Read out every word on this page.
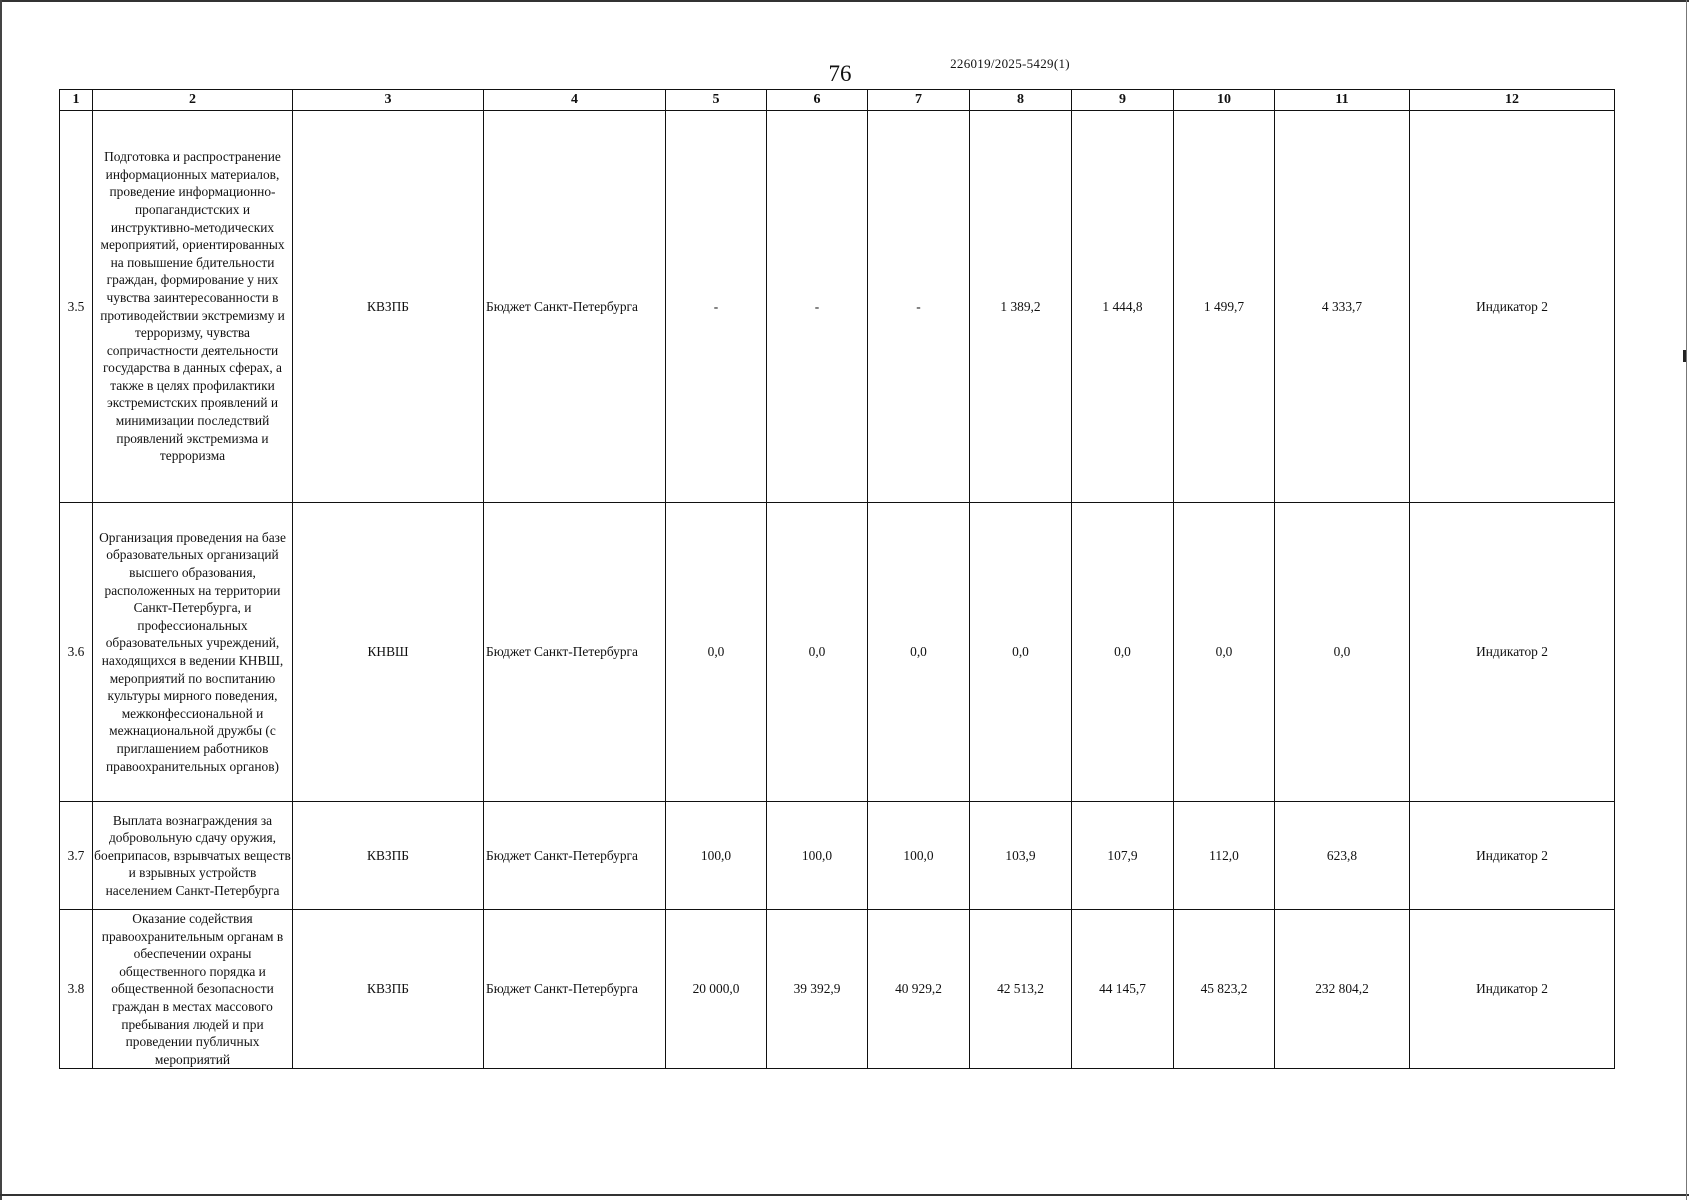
76	226019/2025-5429(1)
1	2	3	4	5	6	7	8	9	10	11	12
3.5	Подготовка и распространение информационных материалов, проведение информационно-пропагандистских и инструктивно-методических мероприятий, ориентированных на повышение бдительности граждан, формирование у них чувства заинтересованности в противодействии экстремизму и терроризму, чувства сопричастности деятельности государства в данных сферах, а также в целях профилактики экстремистских проявлений и минимизации последствий проявлений экстремизма и терроризма	КВЗПБ	Бюджет Санкт-Петербурга	-	-	-	1 389,2	1 444,8	1 499,7	4 333,7	Индикатор 2
3.6	Организация проведения на базе образовательных организаций высшего образования, расположенных на территории Санкт-Петербурга, и профессиональных образовательных учреждений, находящихся в ведении КНВШ, мероприятий по воспитанию культуры мирного поведения, межконфессиональной и межнациональной дружбы (с приглашением работников правоохранительных органов)	КНВШ	Бюджет Санкт-Петербурга	0,0	0,0	0,0	0,0	0,0	0,0	0,0	Индикатор 2
3.7	Выплата вознаграждения за добровольную сдачу оружия, боеприпасов, взрывчатых веществ и взрывных устройств населением Санкт-Петербурга	КВЗПБ	Бюджет Санкт-Петербурга	100,0	100,0	100,0	103,9	107,9	112,0	623,8	Индикатор 2
3.8	Оказание содействия правоохранительным органам в обеспечении охраны общественного порядка и общественной безопасности граждан в местах массового пребывания людей и при проведении публичных мероприятий	КВЗПБ	Бюджет Санкт-Петербурга	20 000,0	39 392,9	40 929,2	42 513,2	44 145,7	45 823,2	232 804,2	Индикатор 2
